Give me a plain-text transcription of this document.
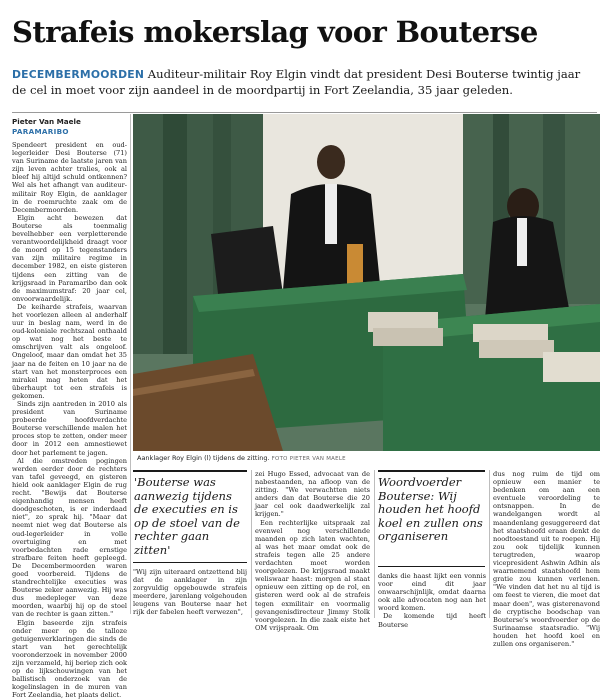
Strafeis mokerslag voor Bouterse
DECEMBERMOORDEN Auditeur-militair Roy Elgin vindt dat president Desi Bouterse twintig jaar de cel in moet voor zijn aandeel in de moordpartij in Fort Zeelandia, 35 jaar geleden.
Pieter Van Maele
PARAMARIBO

Spendeert president en oud-legerleider Desi Bouterse (71) van Suriname de laatste jaren van zijn leven achter tralies, ook al bleef hij altijd schuld ontkennen? Wel als het afhangt van auditeur-militair Roy Elgin, de aanklager in de roemruchte zaak om de Decembermoorden.

Elgin acht bewezen dat Bouterse als toenmalig bevelhebber een verpletterende verantwoordelijkheid draagt voor de moord op 15 tegenstanders van zijn militaire regime in december 1982, en eiste gisteren tijdens een zitting van de krijgsraad in Paramaribo dan ook de maximumstraf: 20 jaar cel, onvoorwaardelijk.

De keiharde strafeis, waarvan het voorlezen alleen al anderhalf uur in beslag nam, werd in de oud-koloniale rechtszaal onthaald op wat nog het beste te omschrijven valt als ongeloof. Ongeloof, maar dan omdat het 35 jaar na de feiten en 10 jaar na de start van het monsterproces een mirakel mag heten dat het überhaupt tot een strafeis is gekomen.

Sinds zijn aantreden in 2010 als president van Suriname probeerde hoofdverdachte Bouterse verschillende malen het proces stop te zetten, onder meer door in 2012 een amnestiewet door het parlement te jagen.

Al die omstreden pogingen werden eerder door de rechters van tafel geveegd, en gisteren hield ook aanklager Elgin de rug recht. "Bewijs dat Bouterse eigenhandig mensen heeft doodgeschoten, is er inderdaad niet", zo sprak hij. "Maar dat neemt niet weg dat Bouterse als oud-legerleider in volle overtuiging en met voorbedachten rade ernstige strafbare feiten heeft gepleegd. De Decembermoorden waren goed voorbereid. Tijdens de standrechtelijke executies was Bouterse zeker aanwezig. Hij was dus medepleger van deze moorden, waarbij hij op de stoel van de rechter is gaan zitten."

Elgin baseerde zijn strafeis onder meer op de talloze getuigenverklaringen die sinds de start van het gerechtelijk vooronderzoek in november 2000 zijn verzameld, hij beriep zich ook op de lijkschouwingen van het ballistisch onderzoek van de kogelinslagen in de muren van Fort Zeelandia, het plaats delict.

Aanklager Roy Elgin (l) tijdens de zitting. FOTO PIETER VAN MAELE
'Bouterse was aanwezig tijdens de executies en is op de stoel van de rechter gaan zitten'

"Wij zijn uiteraard ontzettend blij dat de aanklager in zijn zorgvuldig opgebouwde strafeis meerdere, jarenlang volgehouden leugens van Bouterse naar het rijk der fabelen heeft verwezen",

zei Hugo Essed, advocaat van de nabestaanden, na afloop van de zitting. "We verwachtten niets anders dan dat Bouterse die 20 jaar cel ook daadwerkelijk zal krijgen."

Een rechterlijke uitspraak zal evenwel nog verschillende maanden op zich laten wachten, al was het maar omdat ook de strafeis tegen alle 25 andere verdachten moet worden voorgelezen. De krijgsraad maakt weliswaar haast: morgen al staat opnieuw een zitting op de rol, en gisteren werd ook al de strafeis tegen exmilitair en voormalig gevangenisdirecteur Jimmy Stolk voorgelezen. In die zaak eiste het OM vrijspraak. Om

Woordvoerder Bouterse: Wij houden het hoofd koel en zullen ons organiseren

danks die haast lijkt een vonnis voor eind dit jaar onwaarschijnlijk, omdat daarna ook alle advocaten nog aan het woord komen.

De komende tijd heeft Bouterse

dus nog ruim de tijd om opnieuw een manier te bedenken om aan een eventuele veroordeling te ontsnappen. In de wandelgangen wordt al maandenlang gesuggereerd dat het staatshoofd eraan denkt de noodtoestand uit te roepen. Hij zou ook tijdelijk kunnen terugtreden, waarop vicepresident Ashwin Adhin als waarnemend staatshoofd hem gratie zou kunnen verlenen. "We vinden dat het nu al tijd is om feest te vieren, die moet dat maar doen", was gisterenavond de cryptische boodschap van Bouterse's woordvoerder op de Surinaamse staatsradio. "Wij houden het hoofd koel en zullen ons organiseren."
